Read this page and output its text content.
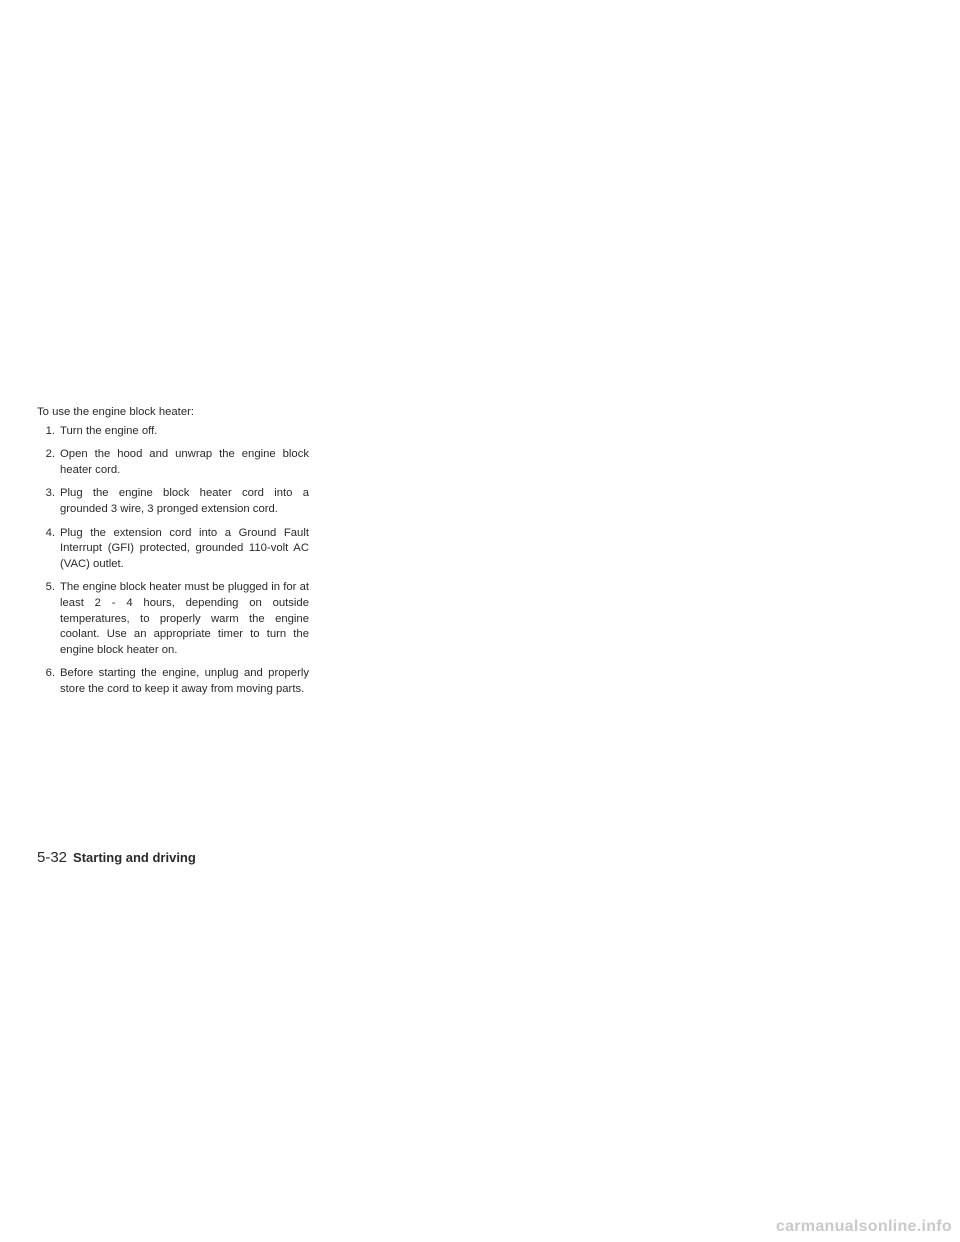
To use the engine block heater:

1. Turn the engine off.
2. Open the hood and unwrap the engine block heater cord.
3. Plug the engine block heater cord into a grounded 3 wire, 3 pronged extension cord.
4. Plug the extension cord into a Ground Fault Interrupt (GFI) protected, grounded 110-volt AC (VAC) outlet.
5. The engine block heater must be plugged in for at least 2 - 4 hours, depending on outside temperatures, to properly warm the engine coolant. Use an appropriate timer to turn the engine block heater on.
6. Before starting the engine, unplug and properly store the cord to keep it away from moving parts.
5-32 Starting and driving
carmanualsonline.info
